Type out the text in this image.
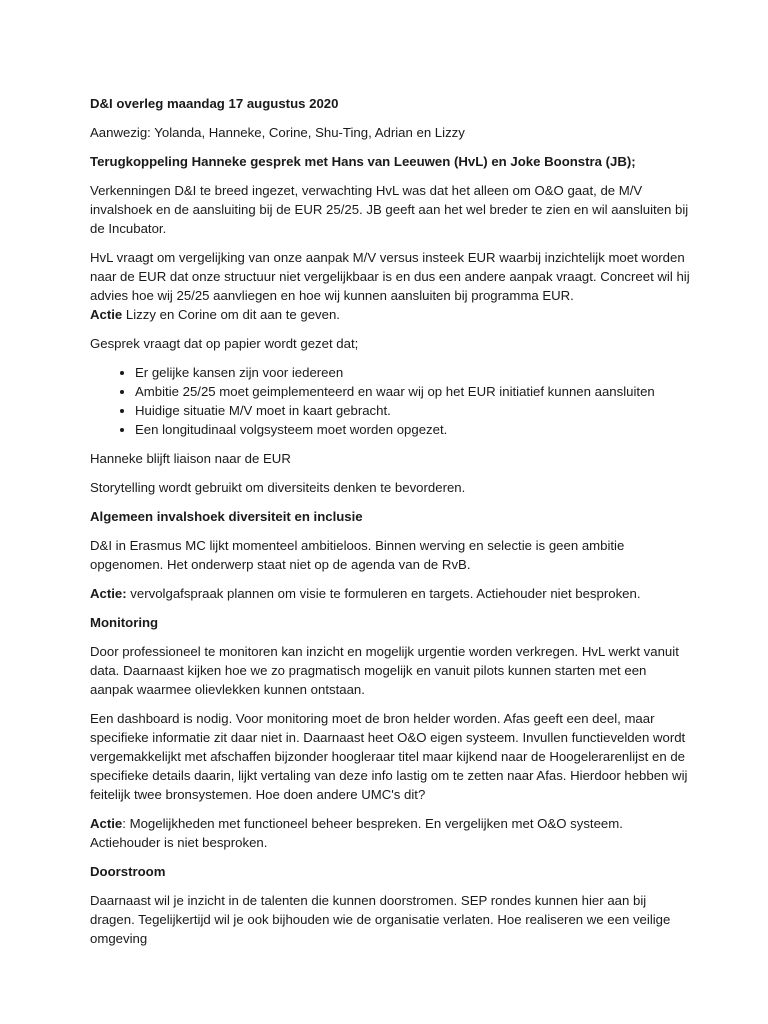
D&I overleg maandag 17 augustus 2020

Aanwezig: Yolanda, Hanneke, Corine, Shu-Ting, Adrian en Lizzy

Terugkoppeling Hanneke gesprek met Hans van Leeuwen (HvL) en Joke Boonstra (JB);

Verkenningen D&I te breed ingezet, verwachting HvL was dat het alleen om O&O gaat, de M/V invalshoek en de aansluiting bij de EUR 25/25. JB geeft aan het wel breder te zien en wil aansluiten bij de Incubator.

HvL vraagt om vergelijking van onze aanpak M/V versus insteek EUR waarbij inzichtelijk moet worden naar de EUR dat onze structuur niet vergelijkbaar is en dus een andere aanpak vraagt. Concreet wil hij advies hoe wij 25/25 aanvliegen en hoe wij kunnen aansluiten bij programma EUR.

Actie Lizzy en Corine om dit aan te geven.

Gesprek vraagt dat op papier wordt gezet dat;

• Er gelijke kansen zijn voor iedereen
• Ambitie 25/25 moet geimplementeerd en waar wij op het EUR initiatief kunnen aansluiten
• Huidige situatie M/V moet in kaart gebracht.
• Een longitudinaal volgsysteem moet worden opgezet.

Hanneke blijft liaison naar de EUR

Storytelling wordt gebruikt om diversiteits denken te bevorderen.

Algemeen invalshoek diversiteit en inclusie

D&I in Erasmus MC lijkt momenteel ambitieloos. Binnen werving en selectie is geen ambitie opgenomen. Het onderwerp staat niet op de agenda van de RvB.

Actie: vervolgafspraak plannen om visie te formuleren en targets. Actiehouder niet besproken.

Monitoring

Door professioneel te monitoren kan inzicht en mogelijk urgentie worden verkregen. HvL werkt vanuit data. Daarnaast kijken hoe we zo pragmatisch mogelijk en vanuit pilots kunnen starten met een aanpak waarmee olievlekken kunnen ontstaan.

Een dashboard is nodig. Voor monitoring moet de bron helder worden. Afas geeft een deel, maar specifieke informatie zit daar niet in. Daarnaast heet O&O eigen systeem. Invullen functievelden wordt vergemakkelijkt met afschaffen bijzonder hoogleraar titel maar kijkend naar de Hoogelerarenlijst en de specifieke details daarin, lijkt vertaling van deze info lastig om te zetten naar Afas. Hierdoor hebben wij feitelijk twee bronsystemen. Hoe doen andere UMC's dit?

Actie: Mogelijkheden met functioneel beheer bespreken. En vergelijken met O&O systeem. Actiehouder is niet besproken.

Doorstroom

Daarnaast wil je inzicht in de talenten die kunnen doorstromen. SEP rondes kunnen hier aan bij dragen. Tegelijkertijd wil je ook bijhouden wie de organisatie verlaten. Hoe realiseren we een veilige omgeving
